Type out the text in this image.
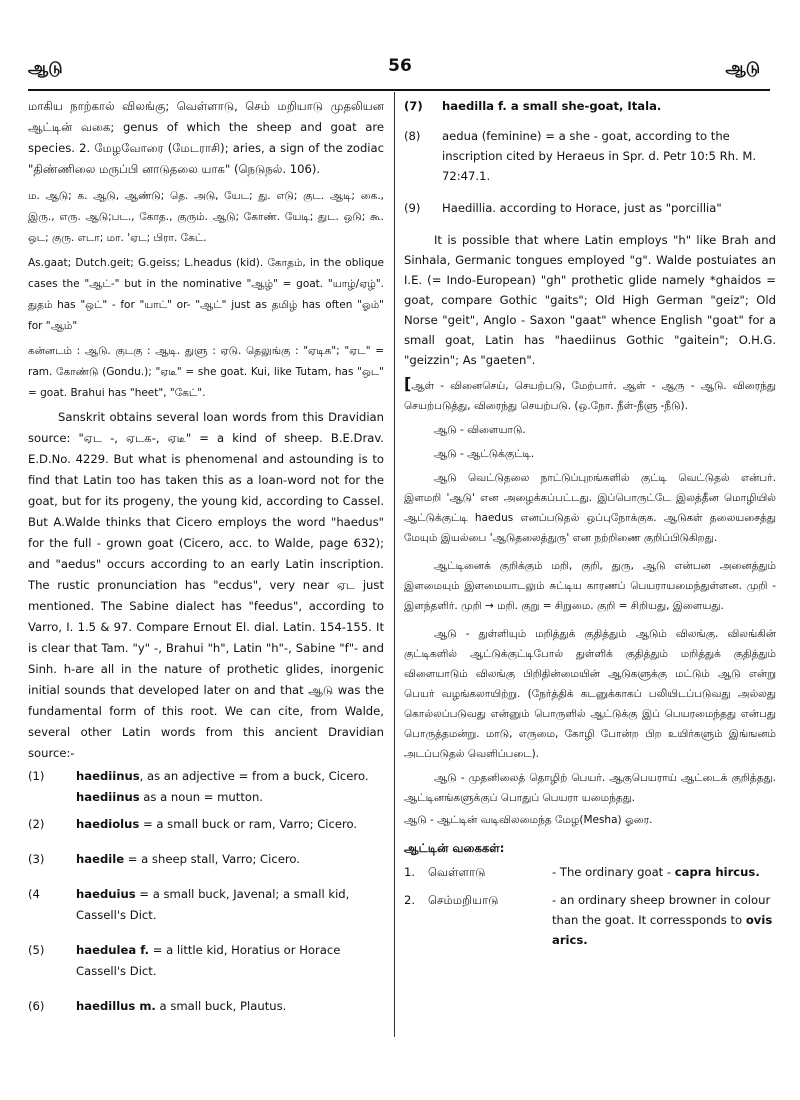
ஆடு	56	ஆடு

மாகிய நாற்கால் விலங்கு; வெள்ளாடு, செம் மறியாடு முதலியன ஆட்டின் வகை; genus of which the sheep and goat are species. 2. மேழவோரை (மேடராசி); aries, a sign of the zodiac "திண்ணிலை மருப்பி னாடுதலை யாக" (நெடுநல். 106).

ம. ஆடு; க. ஆடு, ஆண்டு; தெ. அடு, யேட; து. எடு; குட. ஆடி; கை., இரு., எரு. ஆடு;பட., கோத., குரும். ஆடு; கோண். யேடி; துட. ஒடு; கூ. ஒட; குரு. எடா; மா. 'ஏட; பிரா. கேட்.

As.gaat; Dutch.geit; G.geiss; L.headus (kid). கோதம், in the oblique cases the "ஆட்-" but in the nominative "ஆழ்" = goat. "யாழ்/ஏழ்". துதம் has "ஒட்" - for "யாட்" or- "ஆட்" just as தமிழ் has often "ஓம்" for "ஆம்"

கன்னடம் : ஆடு. குடகு : ஆடி. துளு : ஏடு. தெலுங்கு : "ஏடிக"; "ஏட" = ram. கோண்டு (Gondu.); "ஏடீ" = she goat. Kui, like Tutam, has "ஒட" = goat. Brahui has "heet", "கேட்".

Sanskrit obtains several loan words from this Dravidian source: "ஏட -, ஏடக-, ஏடீ" = a kind of sheep. B.E.Drav. E.D.No. 4229. But what is phenomenal and astounding is to find that Latin too has taken this as a loan-word not for the goat, but for its progeny, the young kid, according to Cassel. But A.Walde thinks that Cicero employs the word "haedus" for the full - grown goat (Cicero, acc. to Walde, page 632); and "aedus" occurs according to an early Latin inscription. The rustic pronunciation has "ecdus", very near ஏட just mentioned. The Sabine dialect has "feedus", according to Varro, I. 1.5 & 97. Compare Ernout El. dial. Latin. 154-155. It is clear that Tam. "y" -, Brahui "h", Latin "h"-, Sabine "f"- and Sinh. h-are all in the nature of prothetic glides, inorgenic initial sounds that developed later on and that ஆடு was the fundamental form of this root. We can cite, from Walde, several other Latin words from this ancient Dravidian source:-

(1)	haediinus, as an adjective = from a buck, Cicero.
haediinus as a noun = mutton.
(2)	haediolus = a small buck or ram, Varro; Cicero.
(3)	haedile = a sheep stall, Varro; Cicero.
(4	haeduius = a small buck, Javenal; a small kid, Cassell's Dict.
(5)	haedulea f. = a little kid, Horatius or Horace Cassell's Dict.
(6)	haedillus m. a small buck, Plautus.
(7) haedilla f. a small she-goat, Itala.
(8) aedua (feminine) = a she - goat, according to the inscription cited by Heraeus in Spr. d. Petr 10:5 Rh. M. 72:47.1.
(9) Haedillia. according to Horace, just as "porcillia"

It is possible that where Latin employs "h" like Brah and Sinhala, Germanic tongues employed "g". Walde postuiates an I.E. (= Indo-European) "gh" prothetic glide namely *ghaidos = goat, compare Gothic "gaits"; Old High German "geiz"; Old Norse "geit", Anglo - Saxon "gaat" whence English "goat" for a small goat, Latin has "haediinus Gothic "gaitein"; O.H.G. "geizzin"; As "gaeten".

[ஆள் - வினைசெய், செயற்படு, மேற்பார். ஆள் - ஆரு - ஆடு. விரைந்து செயற்படுத்து, விரைந்து செயற்படு. (ஒ.நோ. நீள்-நீளு -நீடு).

ஆடு - விளையாடு.

ஆடு - ஆட்டுக்குட்டி.

ஆடு வெட்டுதலை நாட்டுப்புறங்களில் குட்டி வெட்டுதல் என்பர். இளமறி 'ஆடு' என அழைக்கப்பட்டது. இப்பொருட்டே இலத்தீன மொழியில் ஆட்டுக்குட்டி haedus எனப்படுதல் ஒப்புநோக்குக. ஆடுகள் தலையசைத்து மேயும் இயல்பை 'ஆடுதலைத்துரு' என நற்றிணை குறிப்பிடுகிறது.

ஆட்டினைக் குறிக்கும் மறி, குறி, துரு, ஆடு என்பன அனைத்தும் இளமையும் இளமையாடலும் சுட்டிய காரணப் பெயராயமைந்துள்ளன. முறி - இளந்தளிர். முறி → மறி. குறு = சிறுமை. குறி = சிறியது, இளையது.

ஆடு - துள்ளியும் மறித்துக் குதித்தும் ஆடும் விலங்கு. விலங்கின் குட்டிகளில் ஆட்டுக்குட்டிபோல் துள்ளிக் குதித்தும் மறித்துக் குதித்தும் விளையாடும் விலங்கு பிறிதின்மையின் ஆடுகளுக்கு மட்டும் ஆடு என்று பெயர் வழங்கலாயிற்று. (நேர்த்திக் கடனுக்காகப் பலியிடப்படுவது அல்லது கொல்லப்படுவது என்னும் பொருளில் ஆட்டுக்கு இப் பெயரமைந்தது என்பது பொருத்தமன்று. மாடு, எருமை, கோழி போன்ற பிற உயிர்களும் இங்ஙனம் அடப்படுதல் வெளிப்படை).

ஆடு - முதனிலைத் தொழிற் பெயர். ஆகுபெயராய் ஆட்டைக் குறித்தது. ஆட்டினங்களுக்குப் பொதுப் பெயரா யமைந்தது.

ஆடு - ஆட்டின் வடிவிலமைந்த மேழ(Mesha) ஓரை.

ஆட்டின் வகைகள்:

1.	வெள்ளாடு	- The ordinary goat - capra hircus.
2.	செம்மறியாடு	- an ordinary sheep browner in colour than the goat. It corressponds to ovis arics.
